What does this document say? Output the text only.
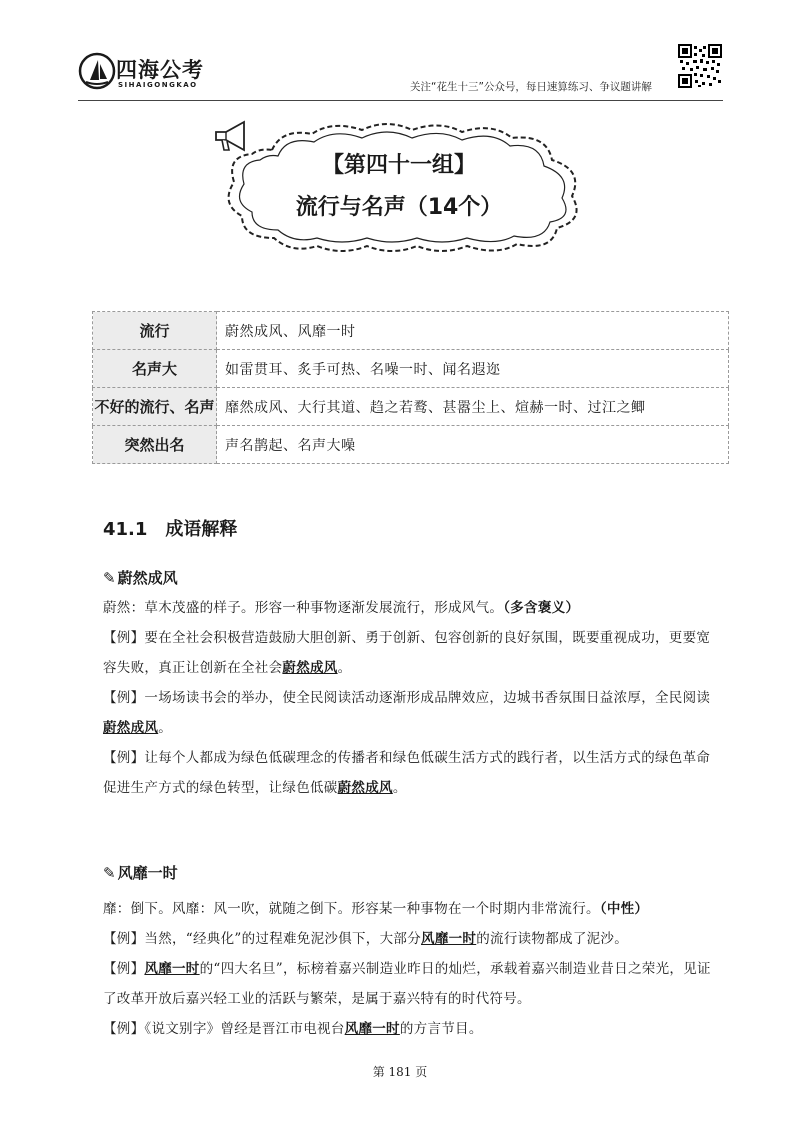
四海公考
SIHAIGONGKAO	关注“花生十三”公众号，每日速算练习、争议题讲解
【第四十一组】
流行与名声（14个）
流行	蔚然成风、风靡一时
名声大	如雷贯耳、炙手可热、名噪一时、闻名遐迩
不好的流行、名声	靡然成风、大行其道、趋之若鹜、甚嚣尘上、煊赫一时、过江之鲫
突然出名	声名鹊起、名声大噪
41.1 成语解释
✎ 蔚然成风
蔚然：草木茂盛的样子。形容一种事物逐渐发展流行，形成风气。（多含褒义）
【例】要在全社会积极营造鼓励大胆创新、勇于创新、包容创新的良好氛围，既要重视成功，更要宽容失败，真正让创新在全社会蔚然成风。
【例】一场场读书会的举办，使全民阅读活动逐渐形成品牌效应，边城书香氛围日益浓厚，全民阅读蔚然成风。
【例】让每个人都成为绿色低碳理念的传播者和绿色低碳生活方式的践行者，以生活方式的绿色革命促进生产方式的绿色转型，让绿色低碳蔚然成风。
✎ 风靡一时
靡：倒下。风靡：风一吹，就随之倒下。形容某一种事物在一个时期内非常流行。（中性）
【例】当然，“经典化”的过程难免泥沙俱下，大部分风靡一时的流行读物都成了泥沙。
【例】风靡一时的“四大名旦”，标榜着嘉兴制造业昨日的灿烂，承载着嘉兴制造业昔日之荣光，见证了改革开放后嘉兴轻工业的活跃与繁荣，是属于嘉兴特有的时代符号。
【例】《说文别字》曾经是晋江市电视台风靡一时的方言节目。
第 181 页
